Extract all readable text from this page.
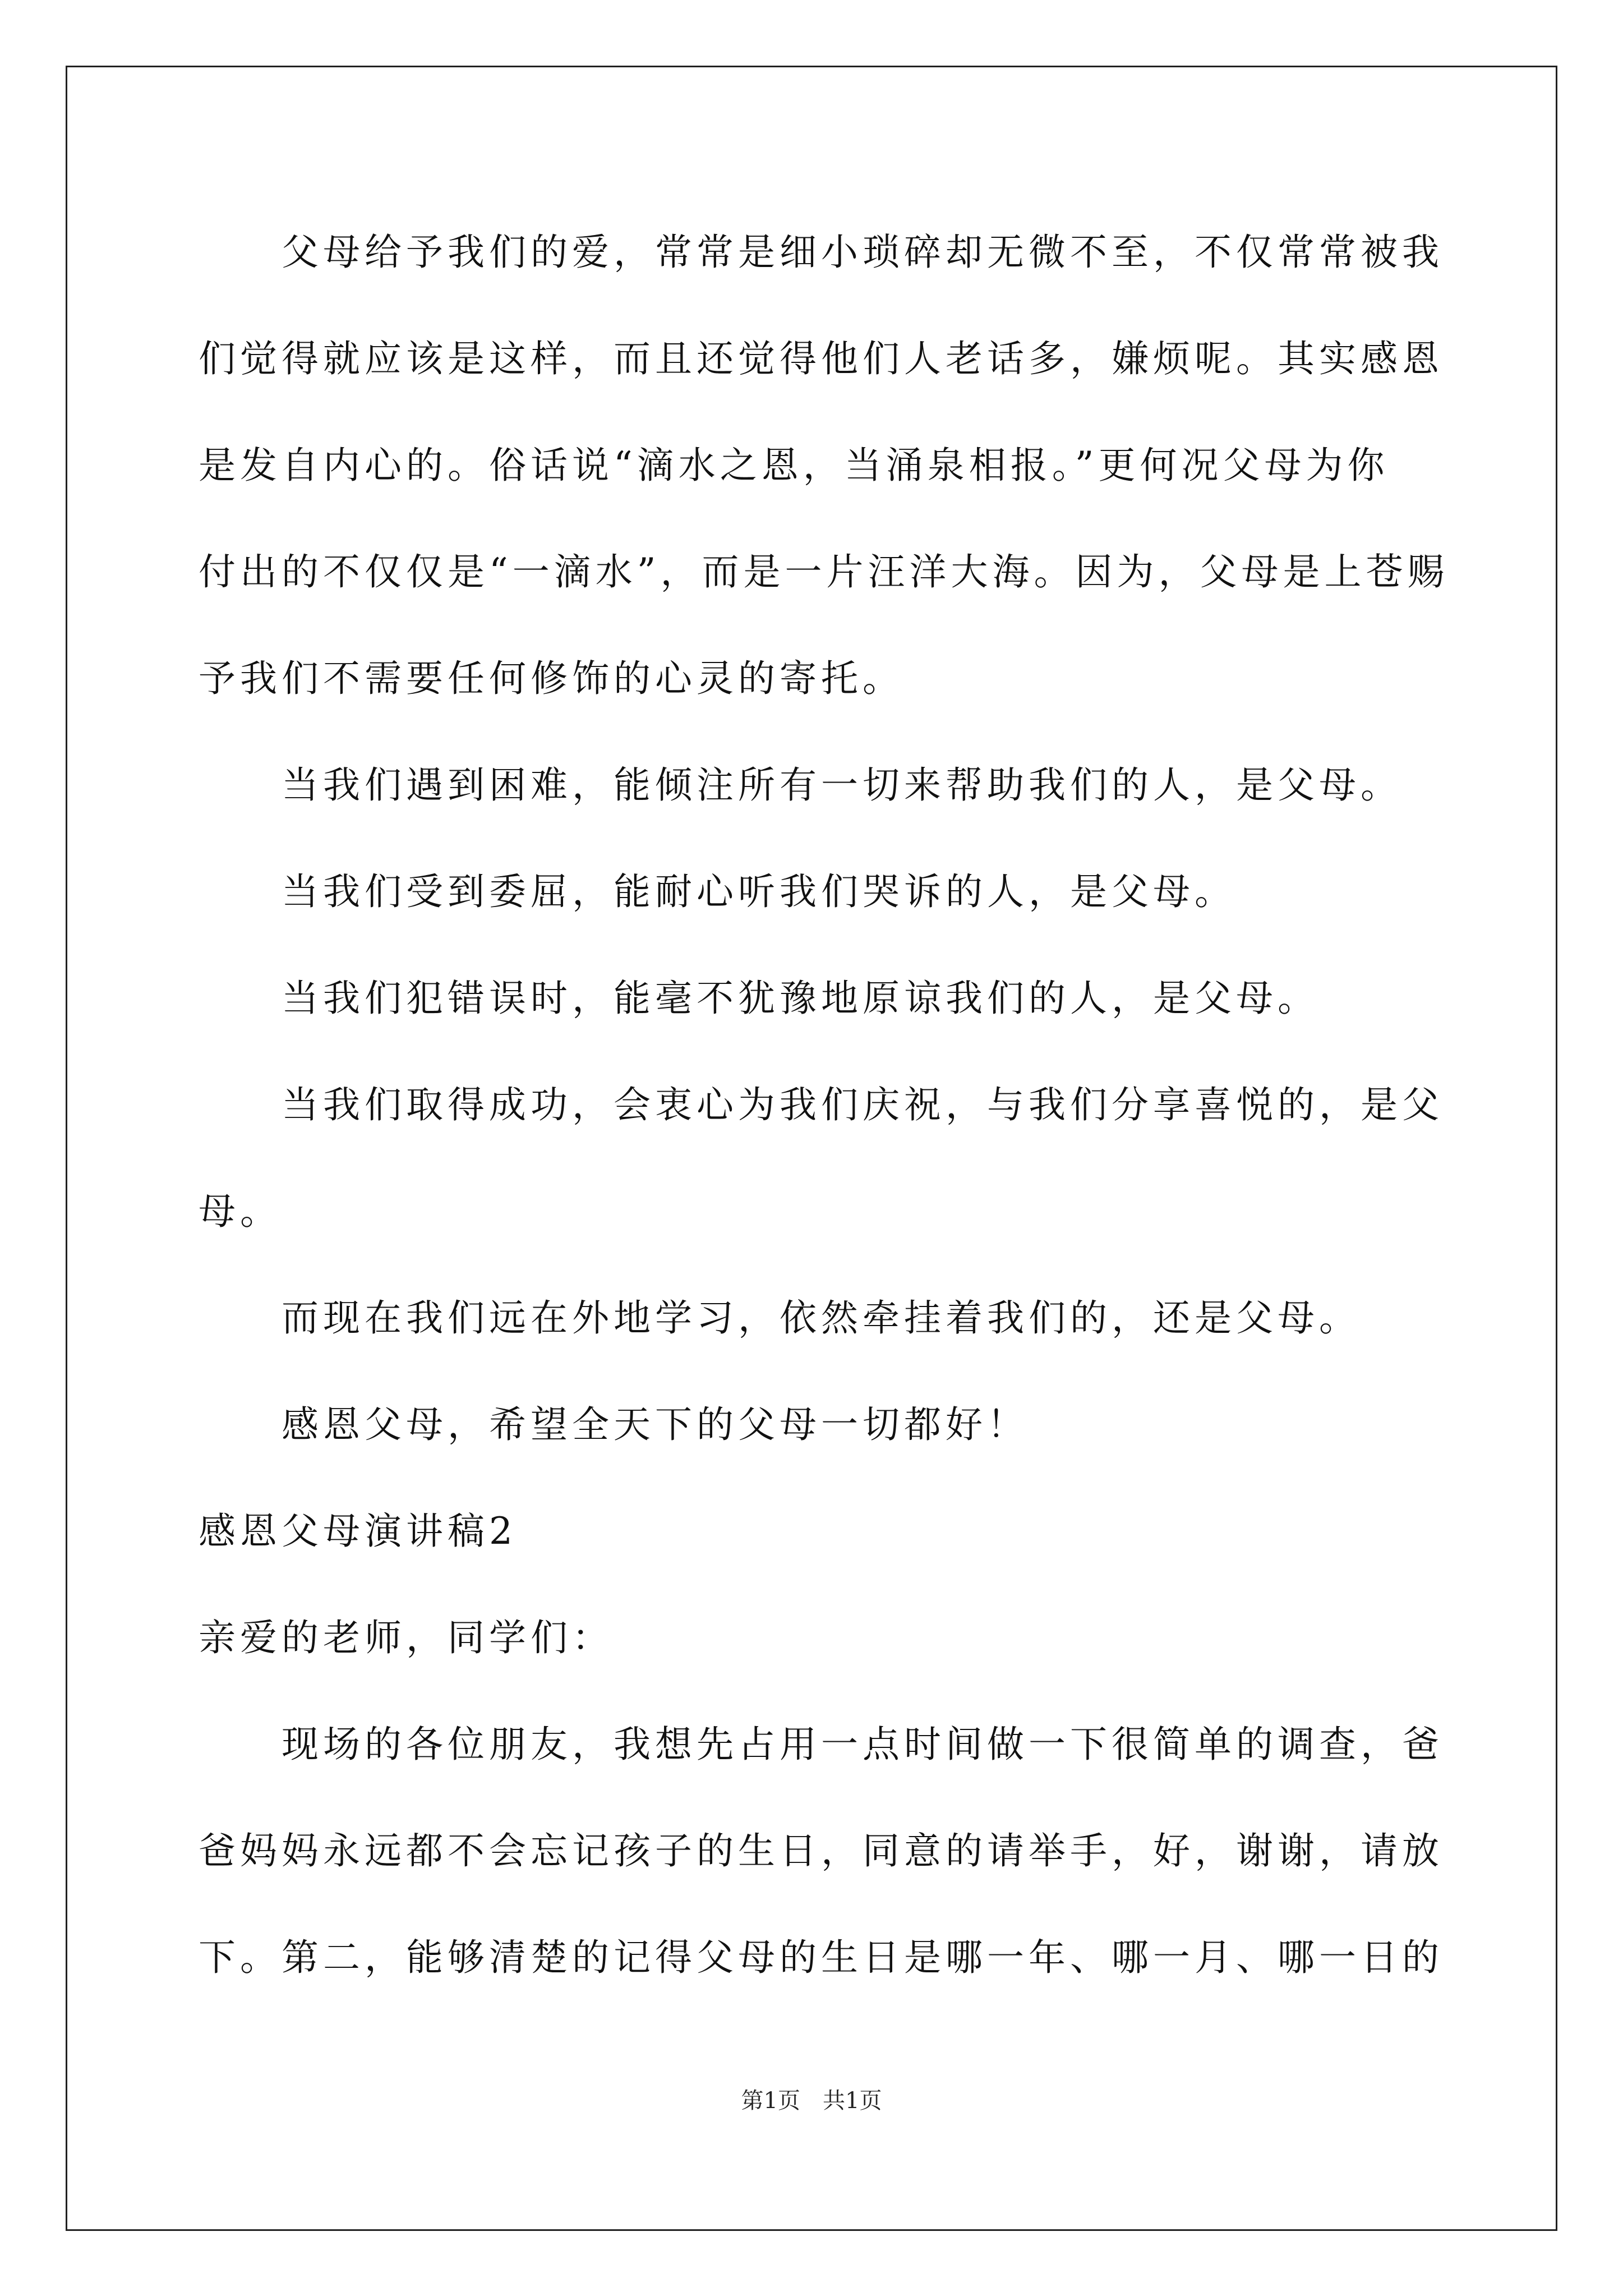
　　父母给予我们的爱，常常是细小琐碎却无微不至，不仅常常被我
们觉得就应该是这样，而且还觉得他们人老话多，嫌烦呢。其实感恩
是发自内心的。俗话说“滴水之恩，当涌泉相报。”更何况父母为你
付出的不仅仅是“一滴水”，而是一片汪洋大海。因为，父母是上苍赐
予我们不需要任何修饰的心灵的寄托。
　　当我们遇到困难，能倾注所有一切来帮助我们的人，是父母。
　　当我们受到委屈，能耐心听我们哭诉的人，是父母。
　　当我们犯错误时，能毫不犹豫地原谅我们的人，是父母。
　　当我们取得成功，会衷心为我们庆祝，与我们分享喜悦的，是父
母。
　　而现在我们远在外地学习，依然牵挂着我们的，还是父母。
　　感恩父母，希望全天下的父母一切都好！
感恩父母演讲稿2
亲爱的老师，同学们：
　　现场的各位朋友，我想先占用一点时间做一下很简单的调查，爸
爸妈妈永远都不会忘记孩子的生日，同意的请举手，好，谢谢，请放
下。第二，能够清楚的记得父母的生日是哪一年、哪一月、哪一日的
第1页　共1页
